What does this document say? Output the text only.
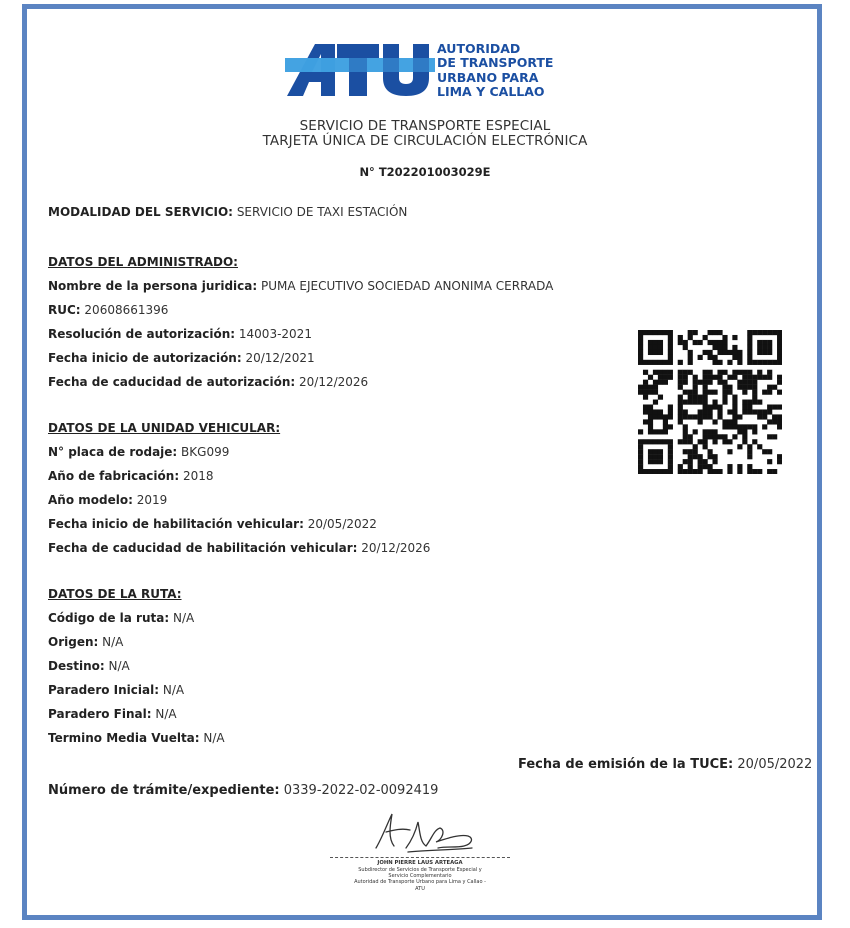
AUTORIDAD
DE TRANSPORTE
URBANO PARA
LIMA Y CALLAO
SERVICIO DE TRANSPORTE ESPECIAL
TARJETA ÚNICA DE CIRCULACIÓN ELECTRÓNICA
N° T202201003029E
MODALIDAD DEL SERVICIO: SERVICIO DE TAXI ESTACIÓN
DATOS DEL ADMINISTRADO:
Nombre de la persona juridica: PUMA EJECUTIVO SOCIEDAD ANONIMA CERRADA
RUC: 20608661396
Resolución de autorización: 14003-2021
Fecha inicio de autorización: 20/12/2021
Fecha de caducidad de autorización: 20/12/2026
DATOS DE LA UNIDAD VEHICULAR:
N° placa de rodaje: BKG099
Año de fabricación: 2018
Año modelo: 2019
Fecha inicio de habilitación vehicular: 20/05/2022
Fecha de caducidad de habilitación vehicular: 20/12/2026
DATOS DE LA RUTA:
Código de la ruta: N/A
Origen: N/A
Destino: N/A
Paradero Inicial: N/A
Paradero Final: N/A
Termino Media Vuelta: N/A
Fecha de emisión de la TUCE: 20/05/2022
Número de trámite/expediente: 0339-2022-02-0092419
JOHN PIERRE LAUS ARTEAGA
Subdirector de Servicios de Transporte Especial y
Servicio Complementario
Autoridad de Transporte Urbano para Lima y Callao -
ATU
